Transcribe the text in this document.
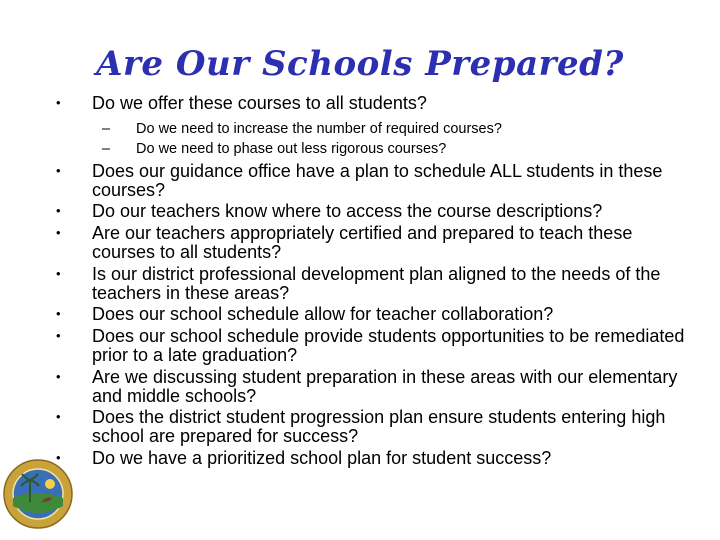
Are Our Schools Prepared?
• Do we offer these courses to all students?
– Do we need to increase the number of required courses?
– Do we need to phase out less rigorous courses?
• Does our guidance office have a plan to schedule ALL students in these courses?
• Do our teachers know where to access the course descriptions?
• Are our teachers appropriately certified and prepared to teach these courses to all students?
• Is our district professional development plan aligned to the needs of the teachers in these areas?
• Does our school schedule allow for teacher collaboration?
• Does our school schedule provide students opportunities to be remediated prior to a late graduation?
• Are we discussing student preparation in these areas with our elementary and middle schools?
• Does the district student progression plan ensure students entering high school are prepared for success?
• Do we have a prioritized school plan for student success?
